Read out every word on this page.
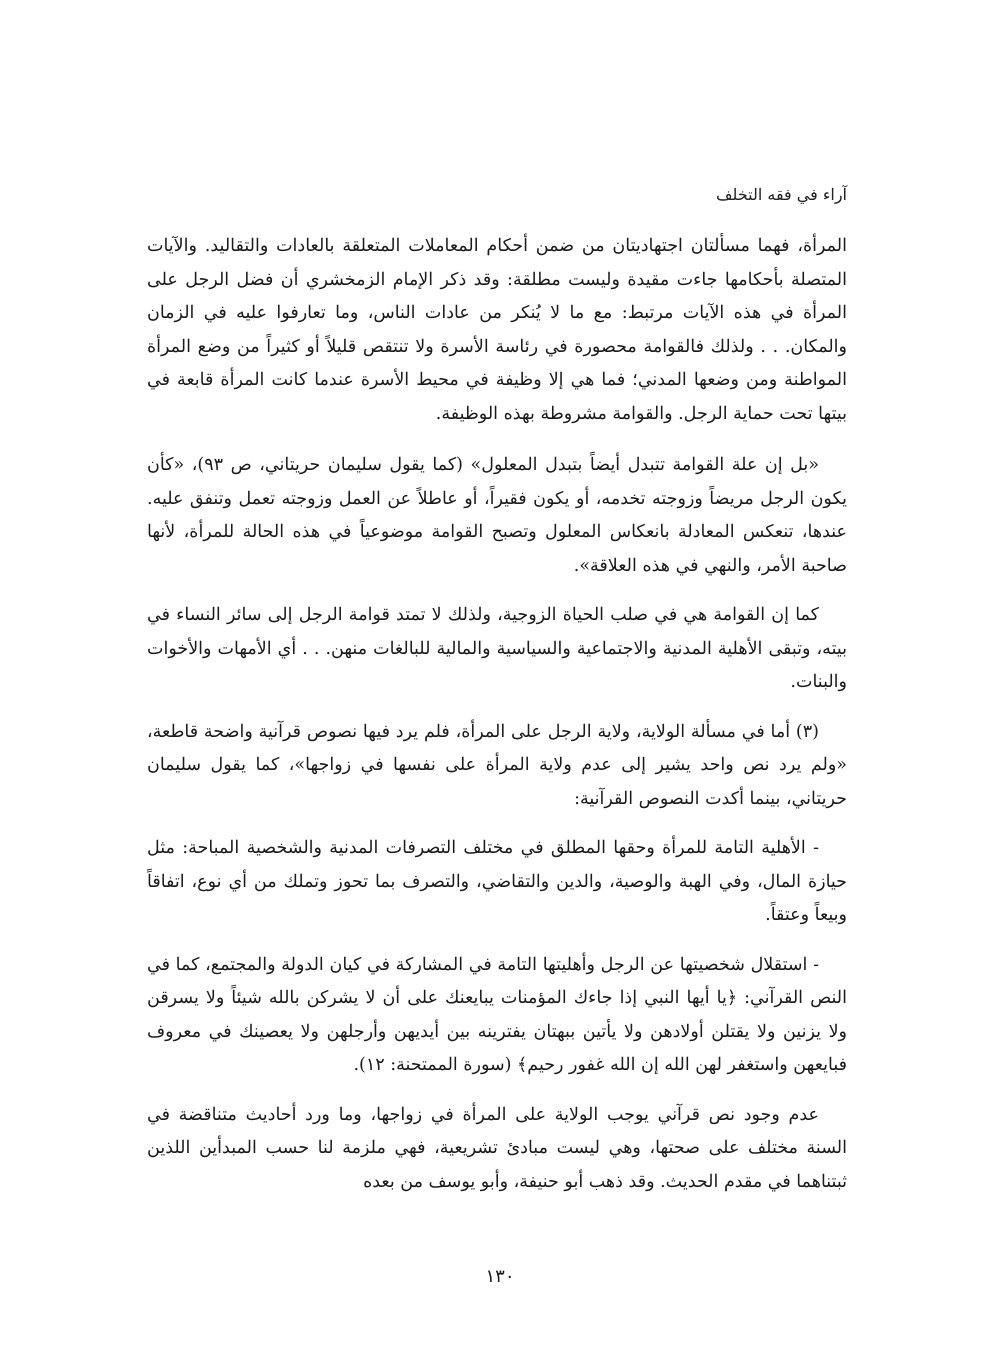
آراء في فقه التخلف

المرأة، فهما مسألتان اجتهاديتان من ضمن أحكام المعاملات المتعلقة بالعادات والتقاليد. والآيات المتصلة بأحكامها جاءت مقيدة وليست مطلقة: وقد ذكر الإمام الزمخشري أن فضل الرجل على المرأة في هذه الآيات مرتبط: مع ما لا يُنكر من عادات الناس، وما تعارفوا عليه في الزمان والمكان. . . ولذلك فالقوامة محصورة في رئاسة الأسرة ولا تنتقص قليلاً أو كثيراً من وضع المرأة المواطنة ومن وضعها المدني؛ فما هي إلا وظيفة في محيط الأسرة عندما كانت المرأة قابعة في بيتها تحت حماية الرجل. والقوامة مشروطة بهذه الوظيفة.

«بل إن علة القوامة تتبدل أيضاً بتبدل المعلول» (كما يقول سليمان حريتاني، ص ٩٣)، «كأن يكون الرجل مريضاً وزوجته تخدمه، أو يكون فقيراً، أو عاطلاً عن العمل وزوجته تعمل وتنفق عليه. عندها، تنعكس المعادلة بانعكاس المعلول وتصبح القوامة موضوعياً في هذه الحالة للمرأة، لأنها صاحبة الأمر، والنهي في هذه العلاقة».

كما إن القوامة هي في صلب الحياة الزوجية، ولذلك لا تمتد قوامة الرجل إلى سائر النساء في بيته، وتبقى الأهلية المدنية والاجتماعية والسياسية والمالية للبالغات منهن. . . أي الأمهات والأخوات والبنات.

(٣) أما في مسألة الولاية، ولاية الرجل على المرأة، فلم يرد فيها نصوص قرآنية واضحة قاطعة، «ولم يرد نص واحد يشير إلى عدم ولاية المرأة على نفسها في زواجها»، كما يقول سليمان حريتاني، بينما أكدت النصوص القرآنية:

- الأهلية التامة للمرأة وحقها المطلق في مختلف التصرفات المدنية والشخصية المباحة: مثل حيازة المال، وفي الهبة والوصية، والدين والتقاضي، والتصرف بما تحوز وتملك من أي نوع، اتفاقاً وبيعاً وعتقاً.

- استقلال شخصيتها عن الرجل وأهليتها التامة في المشاركة في كيان الدولة والمجتمع، كما في النص القرآني: ﴿يا أيها النبي إذا جاءك المؤمنات يبايعنك على أن لا يشركن بالله شيئاً ولا يسرقن ولا يزنين ولا يقتلن أولادهن ولا يأتين ببهتان يفترينه بين أيديهن وأرجلهن ولا يعصينك في معروف فبايعهن واستغفر لهن الله إن الله غفور رحيم﴾ (سورة الممتحنة: ١٢).

عدم وجود نص قرآني يوجب الولاية على المرأة في زواجها، وما ورد أحاديث متناقضة في السنة مختلف على صحتها، وهي ليست مبادئ تشريعية، فهي ملزمة لنا حسب المبدأين اللذين ثبتناهما في مقدم الحديث. وقد ذهب أبو حنيفة، وأبو يوسف من بعده

١٣٠
